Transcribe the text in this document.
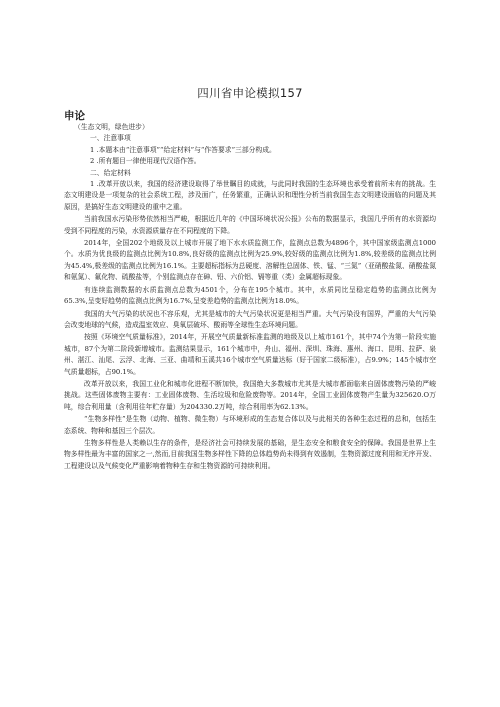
四川省申论模拟157
申论

（生态文明，绿色进步）

一、注意事项

1 .本题本由“注意事项”“给定材料”与“作答要求”三部分构成。

2 .所有题目一律使用现代汉语作答。

二、给定材料

1 .改革开放以来，我国的经济建设取得了举世瞩目的成就，与此同时我国的生态环境也承受着前所未有的挑战。生态文明建设是一项复杂的社会系统工程，涉及面广，任务繁重，正确认识和理性分析当前我国生态文明建设面临的问题及其原因，是搞好生态文明建设的重中之重。

当前我国水污染形势依然相当严峻，根据近几年的《中国环境状况公报》公布的数据显示，我国几乎所有的水资源均受到不同程度的污染，水资源质量存在不同程度的下降。

2014年，全国202个地级及以上城市开展了地下水水质监测工作，监测点总数为4896个，其中国家级监测点1000个。水质为优良级的监测点比例为10.8%,良好级的监测点比例为25.9%,较好级的监测点比例为1.8%,较差级的监测点比例为45.4%,极差级的监测点比例为16.1%。主要超标指标为总硬度、溶解性总固体、铁、锰、“三氮”（亚硝酸盐氮、硝酸盐氮和氨氮）、氟化物、硫酸盐等，个别监测点存在砷、铅、六价铝、镉等重（类）金属超标现象。

有连续监测数据的水质监测点总数为4501个，分布在195个城市。其中，水质同比呈稳定趋势的监测点比例为65.3%,呈变好趋势的监测点比例为16.7%,呈变差趋势的监测点比例为18.0%。

我国的大气污染的状况也不容乐观，尤其是城市的大气污染状况更是相当严重。大气污染没有国界，严重的大气污染会改变地球的气候，造成温室效应、臭氧层破坏、酸雨等全球性生态环境问题。

按照《环境空气质量标准》，2014年，开展空气质量新标准监测的地级及以上城市161个，其中74个为第一阶段实施城市，87个为第二阶段新增城市。监测结果显示，161个城市中，舟山、福州、深圳、珠海、惠州、海口、昆明、拉萨、泉州、湛江、汕尾、云浮、北海、三亚、曲靖和玉溪共16个城市空气质量达标（好于国家二级标准），占9.9%；145个城市空气质量超标，占90.1%。

改革开放以来，我国工业化和城市化进程不断加快，我国绝大多数城市尤其是大城市都面临来自固体废物污染的严峻挑战。这些固体废物主要有：工业固体废物、生活垃圾和危险废物等。2014年，全国工业固体废物产生量为325620.O万吨，综合利用量（含利用往年贮存量）为204330.2万吨，综合利用率为62.13%。

“生物多样性”是生物（动物、植物、微生物）与环境形成的生态复合体以及与此相关的各种生态过程的总和，包括生态系统、物种和基因三个层次。

生物多样性是人类赖以生存的条件，是经济社会可持续发展的基础，是生态安全和粮食安全的保障。我国是世界上生物多样性最为丰富的国家之一,然而,目前我国生物多样性下降的总体趋势尚未得到有效遏制，生物资源过度利用和无序开发、工程建设以及气候变化严重影响着物种生存和生物资源的可持续利用。
